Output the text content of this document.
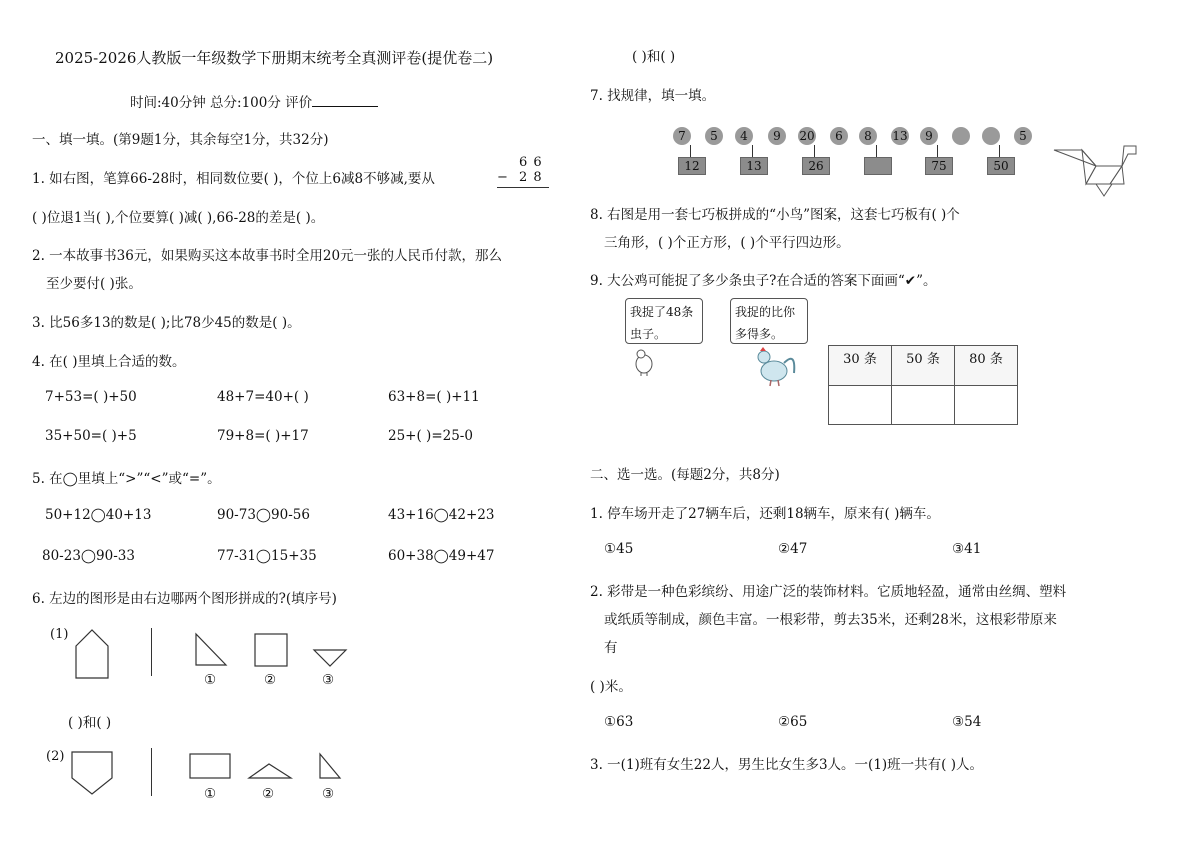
2025-2026人教版一年级数学下册期末统考全真测评卷(提优卷二)
时间:40分钟 总分:100分 评价
一、填一填。(第9题1分，其余每空1分，共32分)
1. 如右图，笔算66-28时，相同数位要( )，个位上6减8不够减,要从
6 6
− 2 8
( )位退1当( ),个位要算( )减( ),66-28的差是( )。
2. 一本故事书36元，如果购买这本故事书时全用20元一张的人民币付款，那么
至少要付( )张。
3. 比56多13的数是( );比78少45的数是( )。
4. 在( )里填上合适的数。
7+53=( )+50	48+7=40+( )	63+8=( )+11
35+50=( )+5	79+8=( )+17	25+( )=25-0
5. 在◯里填上“>”“<”或“=”。
50+12◯40+13	90-73◯90-56	43+16◯42+23
80-23◯90-33	77-31◯15+35	60+38◯49+47
6. 左边的图形是由右边哪两个图形拼成的?(填序号)
(1)
①	②	③
( )和( )
(2)
①	②	③
( )和( )
7. 找规律，填一填。
7	5	4	9	20	6	8	13	9	5
12	13	26	75	50
8. 右图是用一套七巧板拼成的“小鸟”图案，这套七巧板有( )个
三角形，( )个正方形，( )个平行四边形。
9. 大公鸡可能捉了多少条虫子?在合适的答案下面画“✔”。
我捉了48条虫子。
我捉的比你多得多。
30 条	50 条	80 条

二、选一选。(每题2分，共8分)
1. 停车场开走了27辆车后，还剩18辆车，原来有( )辆车。
①45	②47	③41
2. 彩带是一种色彩缤纷、用途广泛的装饰材料。它质地轻盈，通常由丝绸、塑料
或纸质等制成，颜色丰富。一根彩带，剪去35米，还剩28米，这根彩带原来
有
( )米。
①63	②65	③54
3. 一(1)班有女生22人，男生比女生多3人。一(1)班一共有( )人。
